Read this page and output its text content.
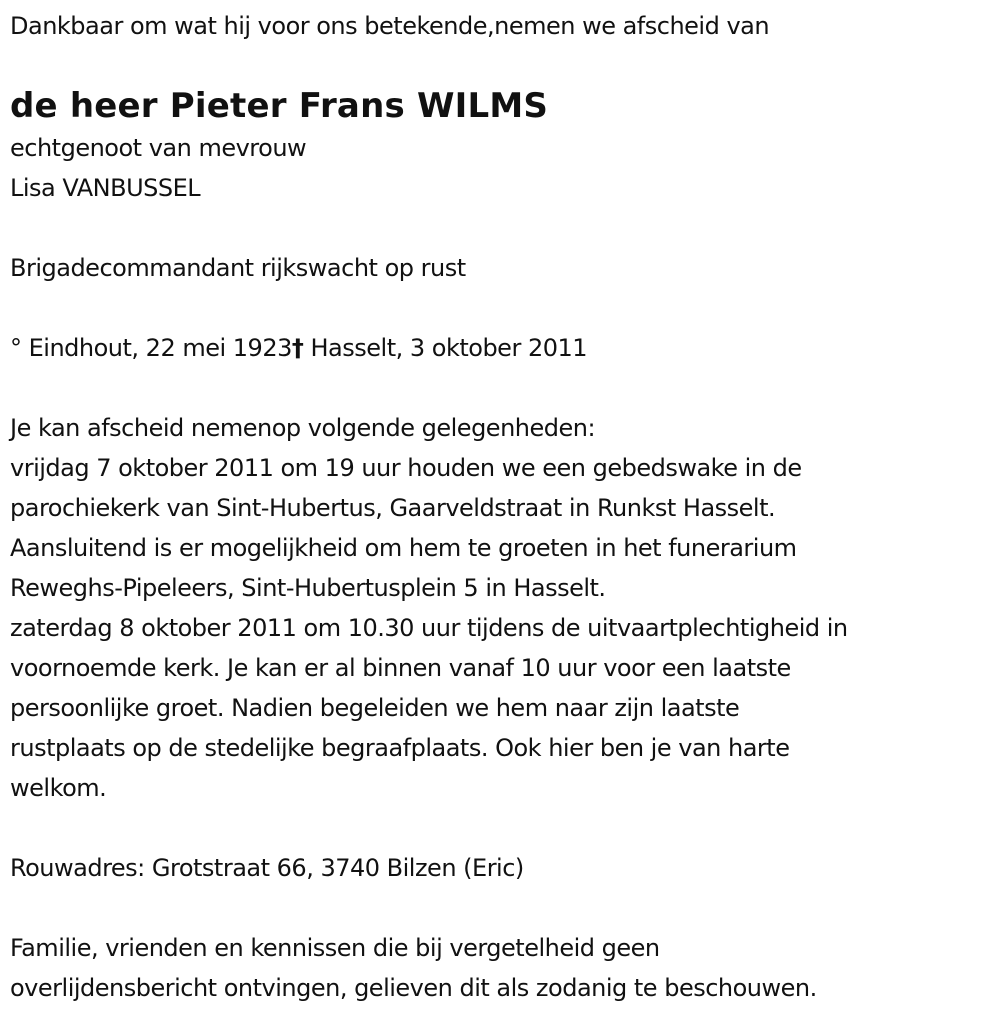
Dankbaar om wat hij voor ons betekende,nemen we afscheid van
de heer Pieter Frans WILMS
echtgenoot van mevrouw
Lisa VANBUSSEL
Brigadecommandant rijkswacht op rust
° Eindhout, 22 mei 1923† Hasselt, 3 oktober 2011
Je kan afscheid nemenop volgende gelegenheden:
vrijdag 7 oktober 2011 om 19 uur houden we een gebedswake in de
parochiekerk van Sint-Hubertus, Gaarveldstraat in Runkst Hasselt.
Aansluitend is er mogelijkheid om hem te groeten in het funerarium
Reweghs-Pipeleers, Sint-Hubertusplein 5 in Hasselt.
zaterdag 8 oktober 2011 om 10.30 uur tijdens de uitvaartplechtigheid in
voornoemde kerk. Je kan er al binnen vanaf 10 uur voor een laatste
persoonlijke groet. Nadien begeleiden we hem naar zijn laatste
rustplaats op de stedelijke begraafplaats. Ook hier ben je van harte
welkom.
Rouwadres: Grotstraat 66, 3740 Bilzen (Eric)
Familie, vrienden en kennissen die bij vergetelheid geen
overlijdensbericht ontvingen, gelieven dit als zodanig te beschouwen.
